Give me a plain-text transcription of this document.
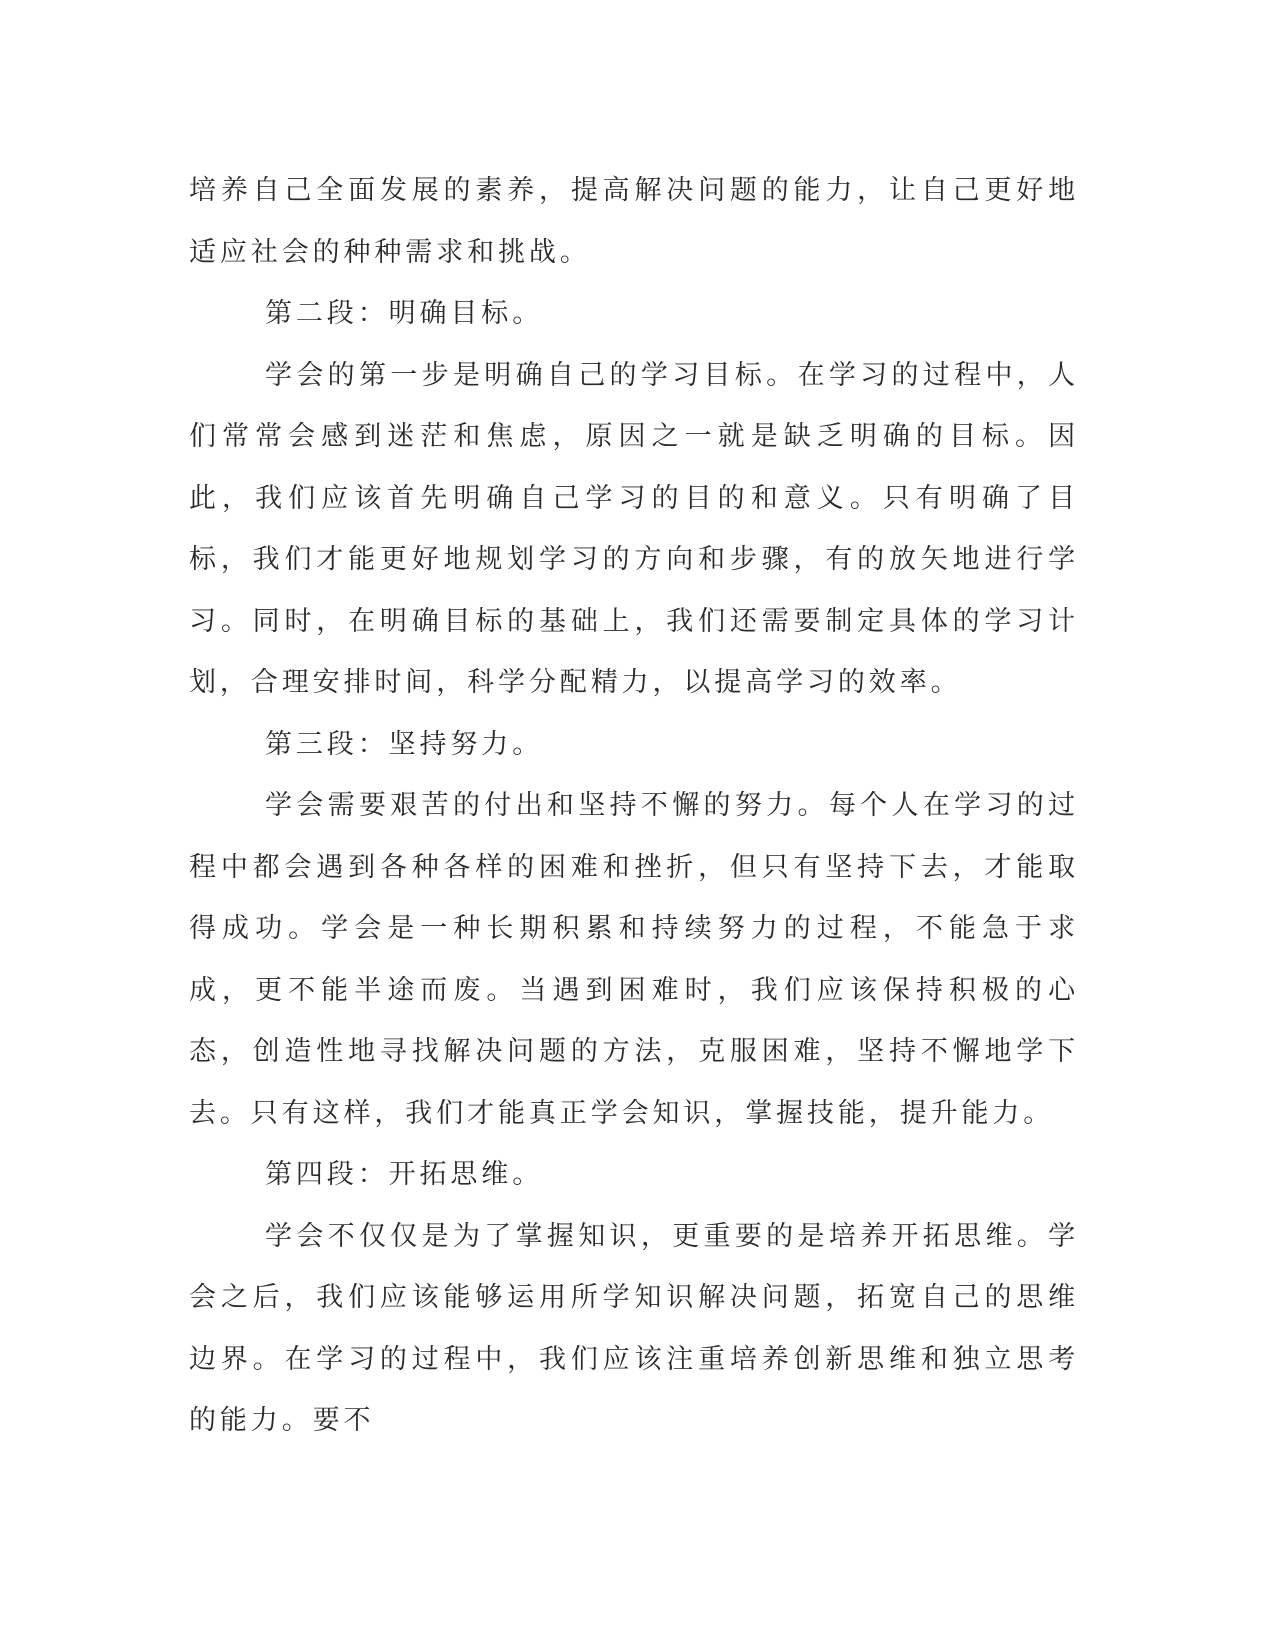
培养自己全面发展的素养，提高解决问题的能力，让自己更好地适应社会的种种需求和挑战。

第二段：明确目标。

学会的第一步是明确自己的学习目标。在学习的过程中，人们常常会感到迷茫和焦虑，原因之一就是缺乏明确的目标。因此，我们应该首先明确自己学习的目的和意义。只有明确了目标，我们才能更好地规划学习的方向和步骤，有的放矢地进行学习。同时，在明确目标的基础上，我们还需要制定具体的学习计划，合理安排时间，科学分配精力，以提高学习的效率。

第三段：坚持努力。

学会需要艰苦的付出和坚持不懈的努力。每个人在学习的过程中都会遇到各种各样的困难和挫折，但只有坚持下去，才能取得成功。学会是一种长期积累和持续努力的过程，不能急于求成，更不能半途而废。当遇到困难时，我们应该保持积极的心态，创造性地寻找解决问题的方法，克服困难，坚持不懈地学下去。只有这样，我们才能真正学会知识，掌握技能，提升能力。

第四段：开拓思维。

学会不仅仅是为了掌握知识，更重要的是培养开拓思维。学会之后，我们应该能够运用所学知识解决问题，拓宽自己的思维边界。在学习的过程中，我们应该注重培养创新思维和独立思考的能力。要不
